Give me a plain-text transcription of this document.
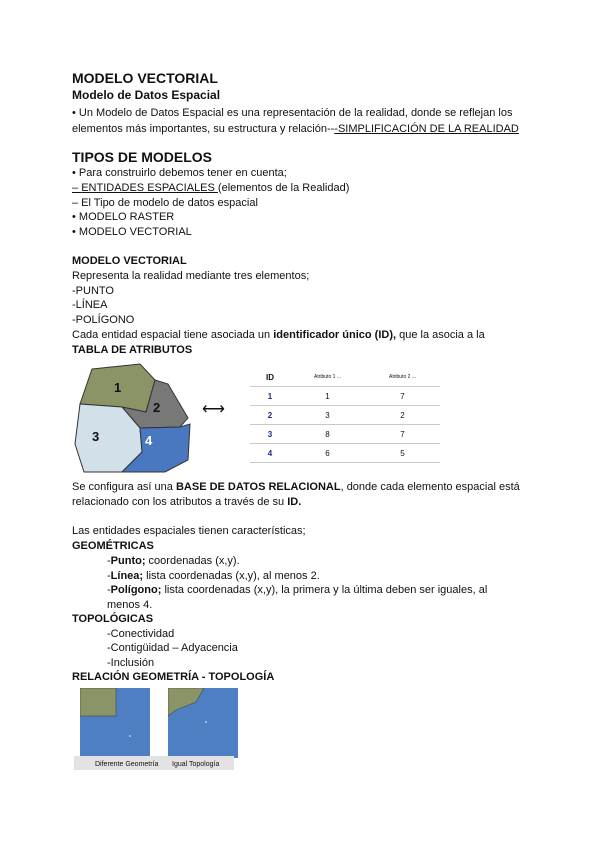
MODELO VECTORIAL
Modelo de Datos Espacial
• Un Modelo de Datos Espacial es una representación de la realidad, donde se reflejan los
elementos más importantes, su estructura y relación---SIMPLIFICACIÓN DE LA REALIDAD
TIPOS DE MODELOS
• Para construirlo debemos tener en cuenta;
– ENTIDADES ESPACIALES (elementos de la Realidad)
– El Tipo de modelo de datos espacial
• MODELO RASTER
• MODELO VECTORIAL
MODELO VECTORIAL
Representa la realidad mediante tres elementos;
-PUNTO
-LÍNEA
-POLÍGONO
Cada entidad espacial tiene asociada un identificador único (ID), que la asocia a la
TABLA DE ATRIBUTOS
1
2
3	4
⟷
ID	Atributo 1 ...	Atributo 2 ...
1	1	7
2	3	2
3	8	7
4	6	5
Se configura así una BASE DE DATOS RELACIONAL, donde cada elemento espacial está
relacionado con los atributos a través de su ID.
Las entidades espaciales tienen características;
GEOMÉTRICAS
-Punto; coordenadas (x,y).
-Línea; lista coordenadas (x,y), al menos 2.
-Polígono; lista coordenadas (x,y), la primera y la última deben ser iguales, al
menos 4.
TOPOLÓGICAS
-Conectividad
-Contigüidad – Adyacencia
-Inclusión
RELACIÓN GEOMETRÍA - TOPOLOGÍA
Diferente Geometría Igual Topología
